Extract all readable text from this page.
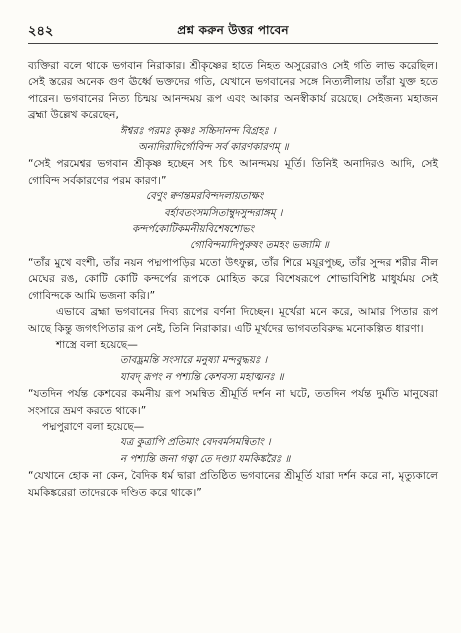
২৪২	প্রশ্ন করুন উত্তর পাবেন

ব্যক্তিরা বলে থাকে ভগবান নিরাকার। শ্রীকৃষ্ণের হাতে নিহত অসুরেরাও সেই গতি লাভ করেছিল। সেই স্তরের অনেক গুণ ঊর্ধ্বে ভক্তদের গতি, যেখানে ভগবানের সঙ্গে নিত্যলীলায় তাঁরা যুক্ত হতে পারেন। ভগবানের নিত্য চিন্ময় আনন্দময় রূপ এবং আকার অনস্বীকার্য রয়েছে। সেইজন্য মহাজন ব্রহ্মা উল্লেখ করেছেন,

ঈশ্বরঃ পরমঃ কৃষ্ণঃ সচ্চিদানন্দ বিগ্রহঃ ।

অনাদিরাদির্গোবিন্দ সর্ব কারণকারণম্ ॥

“সেই পরমেশ্বর ভগবান শ্রীকৃষ্ণ হচ্ছেন সৎ চিৎ আনন্দময় মূর্তি। তিনিই অনাদিরও আদি, সেই গোবিন্দ সর্বকারণের পরম কারণ।”

বেণুং ক্বণন্তমরবিন্দদলায়তাক্ষং

বর্হাবতংসমসিতাম্বুদসুন্দরাঙ্গম্ ।

কন্দর্পকোটিকমনীয়বিশেষশোভং

গোবিন্দমাদিপুরুষং তমহং ভজামি ॥

“তাঁর মুখে বংশী, তাঁর নয়ন পদ্মপাপড়ির মতো উৎফুল্ল, তাঁর শিরে ময়ূরপুচ্ছ, তাঁর সুন্দর শরীর নীল মেঘের রঙ, কোটি কোটি কন্দর্পের রূপকে মোহিত করে বিশেষরূপে শোভাবিশিষ্ট মাধুর্যময় সেই গোবিন্দকে আমি ভজনা করি।”

এভাবে ব্রহ্মা ভগবানের দিব্য রূপের বর্ণনা দিচ্ছেন। মূর্খেরা মনে করে, আমার পিতার রূপ আছে কিন্তু জগৎপিতার রূপ নেই, তিনি নিরাকার। এটি মূর্খদের ভাগবতবিরুদ্ধ মনোকল্পিত ধারণা।

শাস্ত্রে বলা হয়েছে—

তাবদ্ভ্রমন্তি সংসারে মনুষ্যা মন্দবুদ্ধয়ঃ ।

যাবদ্ রূপং ন পশ্যন্তি কেশবস্য মহাত্মনঃ ॥

“যতদিন পর্যন্ত কেশবের কমনীয় রূপ সমন্বিত শ্রীমূর্তি দর্শন না ঘটে, ততদিন পর্যন্ত দুর্মতি মানুষেরা সংসারে ভ্রমণ করতে থাকে।”

পদ্মপুরাণে বলা হয়েছে—

যত্র কুত্রাপি প্রতিমাং বেদবর্মসমন্বিতাং ।

ন পশ্যন্তি জনা গত্বা তে দণ্ড্যা যমকিঙ্করৈঃ ॥

“যেখানে হোক না কেন, বৈদিক ধর্ম দ্বারা প্রতিষ্ঠিত ভগবানের শ্রীমূর্তি যারা দর্শন করে না, মৃত্যুকালে যমকিঙ্করেরা তাদেরকে দণ্ডিত করে থাকে।”
